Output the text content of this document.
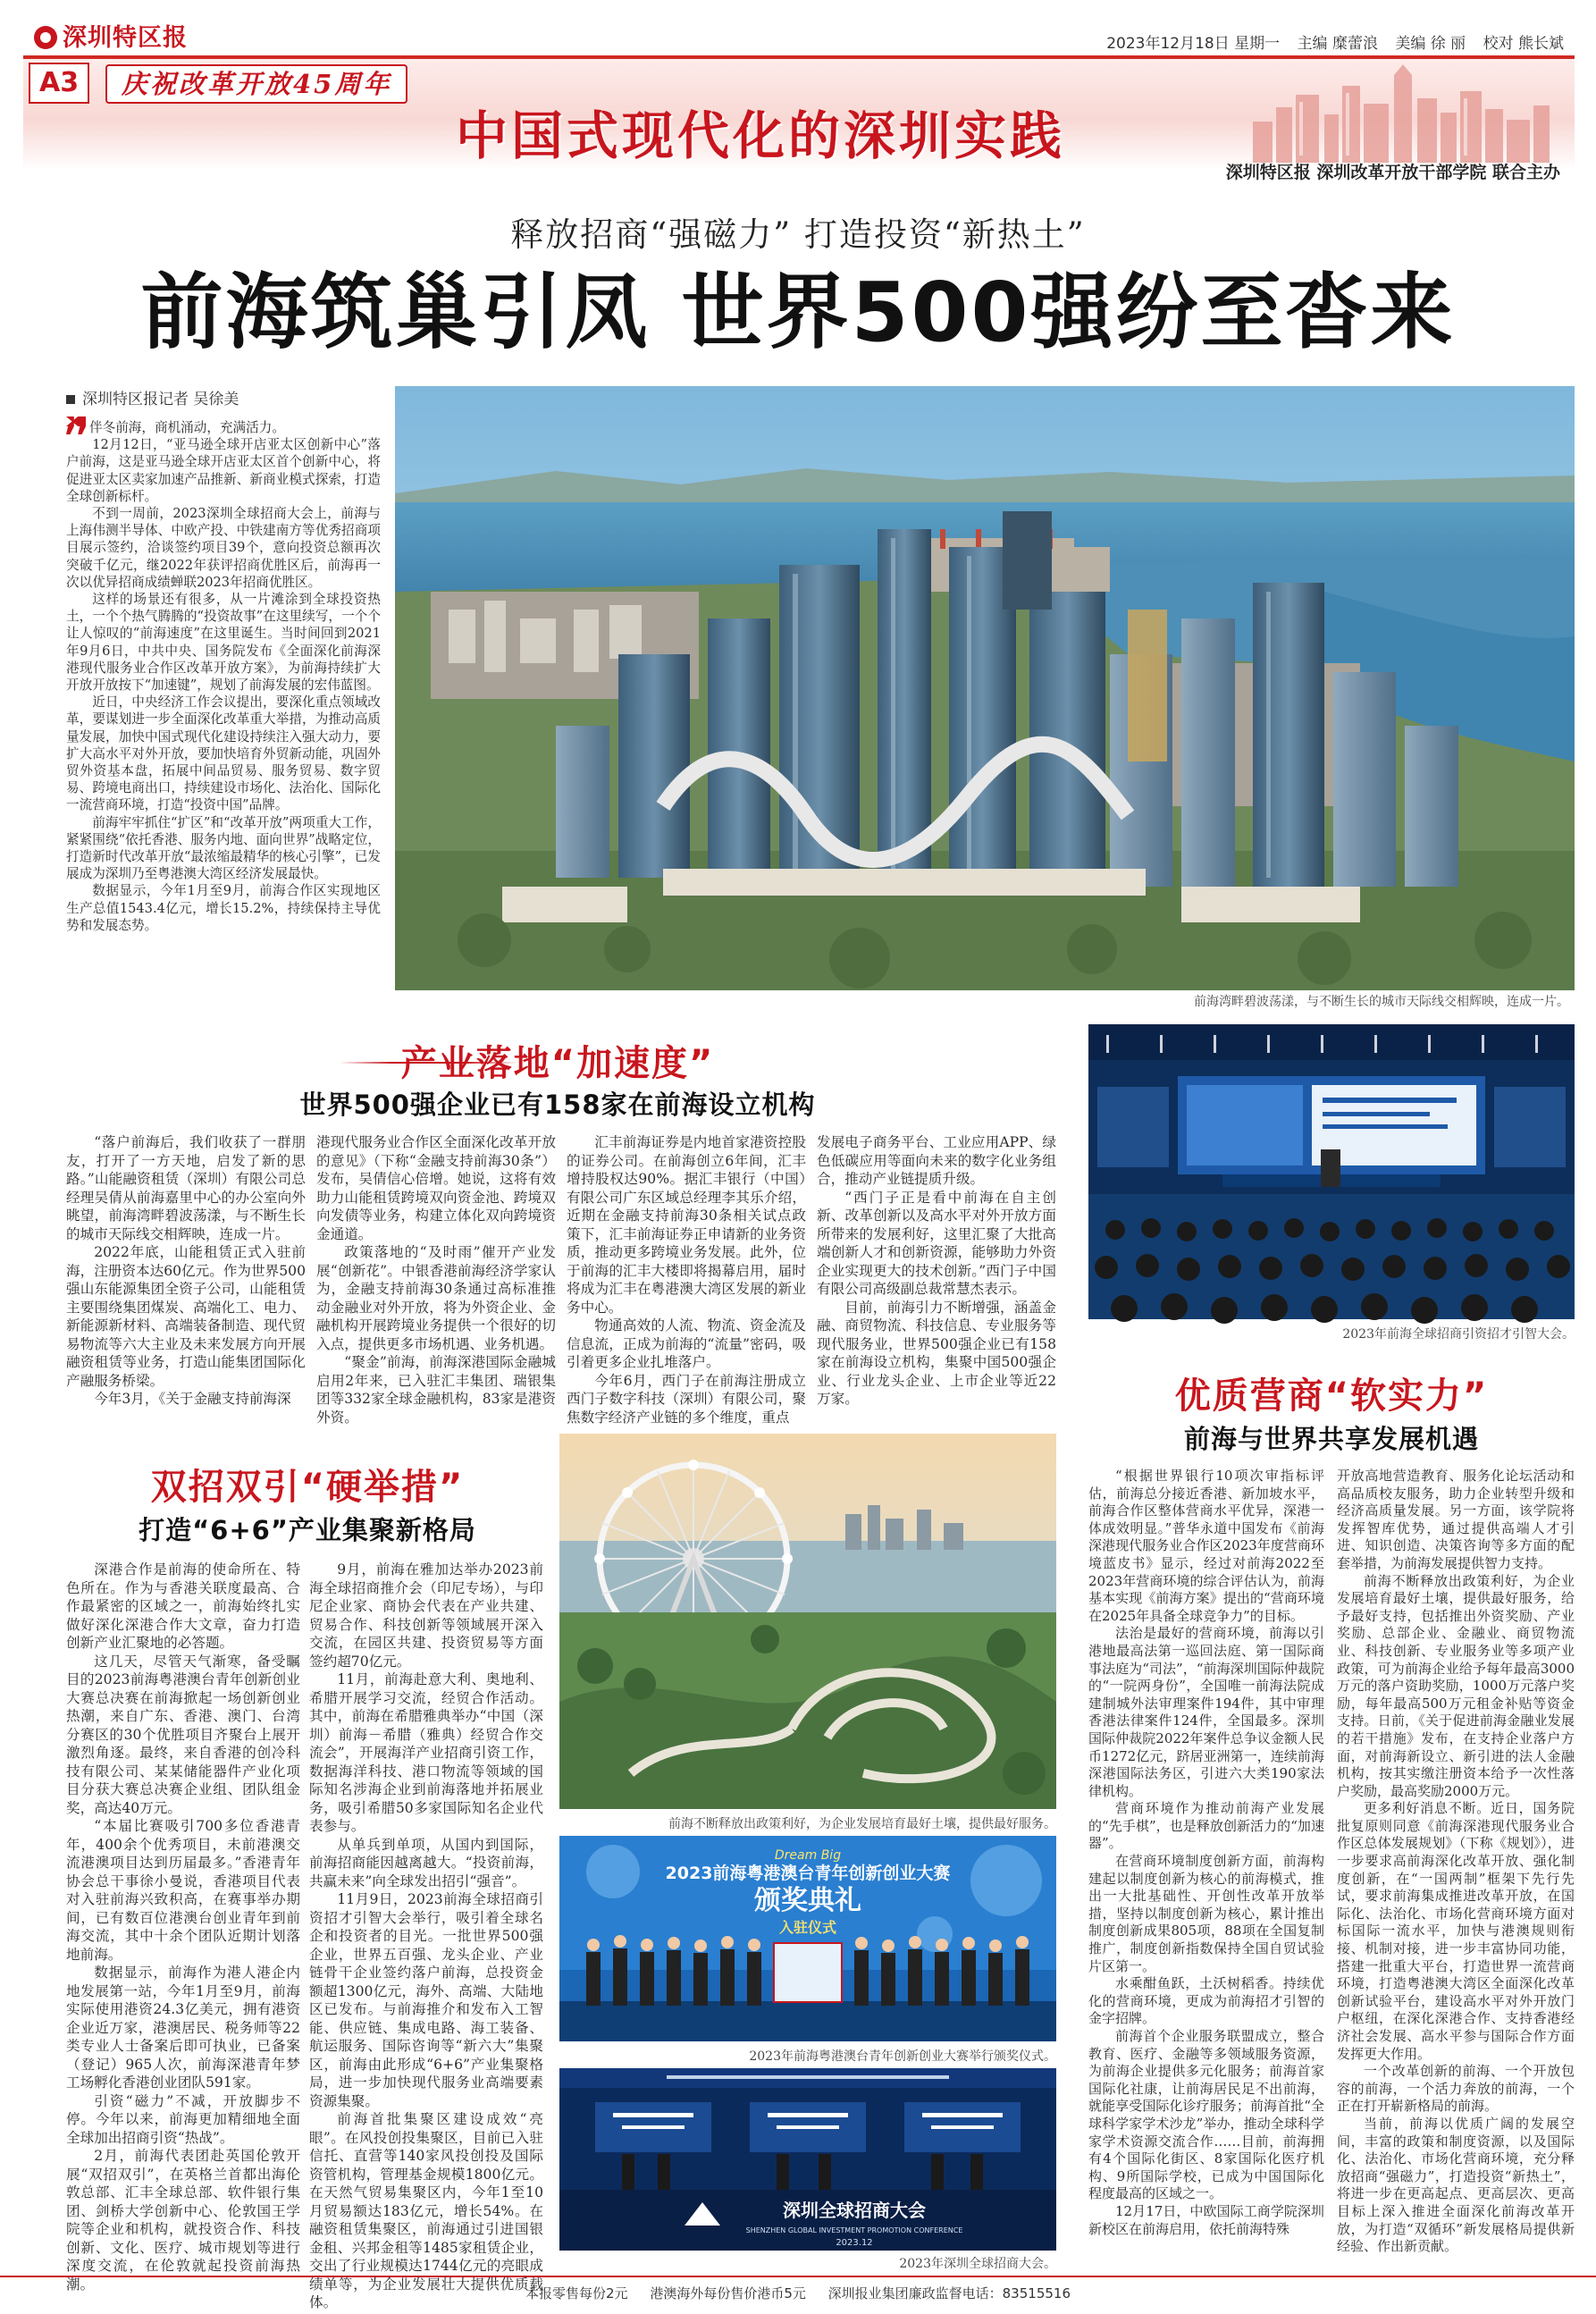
深圳特区报	2023年12月18日 星期一 主编 糜蕾浪 美编 徐 丽 校对 熊长斌
A3	庆祝改革开放45周年
中国式现代化的深圳实践
深圳特区报 深圳改革开放干部学院 联合主办
释放招商“强磁力” 打造投资“新热土”
前海筑巢引凤 世界500强纷至沓来
深圳特区报记者 吴徐美

伴冬前海，商机涌动，充满活力。

12月12日，“亚马逊全球开店亚太区创新中心”落户前海，这是亚马逊全球开店亚太区首个创新中心，将促进亚太区卖家加速产品推新、新商业模式探索，打造全球创新标杆。

不到一周前，2023深圳全球招商大会上，前海与上海伟测半导体、中欧产投、中铁建南方等优秀招商项目展示签约，洽谈签约项目39个，意向投资总额再次突破千亿元，继2022年获评招商优胜区后，前海再一次以优异招商成绩蝉联2023年招商优胜区。

这样的场景还有很多，从一片滩涂到全球投资热土，一个个热气腾腾的“投资故事”在这里续写，一个个让人惊叹的“前海速度”在这里诞生。当时间回到2021年9月6日，中共中央、国务院发布《全面深化前海深港现代服务业合作区改革开放方案》，为前海持续扩大开放开放按下“加速键”，规划了前海发展的宏伟蓝图。

近日，中央经济工作会议提出，要深化重点领域改革，要谋划进一步全面深化改革重大举措，为推动高质量发展，加快中国式现代化建设持续注入强大动力，要扩大高水平对外开放，要加快培育外贸新动能，巩固外贸外资基本盘，拓展中间品贸易、服务贸易、数字贸易、跨境电商出口，持续建设市场化、法治化、国际化一流营商环境，打造“投资中国”品牌。

前海牢牢抓住“扩区”和“改革开放”两项重大工作，紧紧围绕“依托香港、服务内地、面向世界”战略定位，打造新时代改革开放“最浓缩最精华的核心引擎”，已发展成为深圳乃至粤港澳大湾区经济发展最快。

数据显示，今年1月至9月，前海合作区实现地区生产总值1543.4亿元，增长15.2%，持续保持主导优势和发展态势。

前海湾畔碧波荡漾，与不断生长的城市天际线交相辉映，连成一片。
产业落地“加速度”
世界500强企业已有158家在前海设立机构

“落户前海后，我们收获了一群朋友，打开了一方天地，启发了新的思路。”山能融资租赁（深圳）有限公司总经理吴倩从前海嘉里中心的办公室向外眺望，前海湾畔碧波荡漾，与不断生长的城市天际线交相辉映，连成一片。

2022年底，山能租赁正式入驻前海，注册资本达60亿元。作为世界500强山东能源集团全资子公司，山能租赁主要围绕集团煤炭、高端化工、电力、新能源新材料、高端装备制造、现代贸易物流等六大主业及未来发展方向开展融资租赁等业务，打造山能集团国际化产融服务桥梁。

今年3月，《关于金融支持前海深

港现代服务业合作区全面深化改革开放的意见》（下称“金融支持前海30条”）发布，吴倩信心倍增。她说，这将有效助力山能租赁跨境双向资金池、跨境双向发债等业务，构建立体化双向跨境资金通道。

政策落地的“及时雨”催开产业发展“创新花”。中银香港前海经济学家认为，金融支持前海30条通过高标准推动金融业对外开放，将为外资企业、金融机构开展跨境业务提供一个很好的切入点，提供更多市场机遇、业务机遇。

“聚金”前海，前海深港国际金融城启用2年来，已入驻汇丰集团、瑞银集团等332家全球金融机构，83家是港资外资。

汇丰前海证券是内地首家港资控股的证券公司。在前海创立6年间，汇丰增持股权达90%。据汇丰银行（中国）有限公司广东区域总经理李其乐介绍，近期在金融支持前海30条相关试点政策下，汇丰前海证券正申请新的业务资质，推动更多跨境业务发展。此外，位于前海的汇丰大楼即将揭幕启用，届时将成为汇丰在粤港澳大湾区发展的新业务中心。

物通高效的人流、物流、资金流及信息流，正成为前海的“流量”密码，吸引着更多企业扎堆落户。

今年6月，西门子在前海注册成立西门子数字科技（深圳）有限公司，聚焦数字经济产业链的多个维度，重点

发展电子商务平台、工业应用APP、绿色低碳应用等面向未来的数字化业务组合，推动产业链提质升级。

“西门子正是看中前海在自主创新、改革创新以及高水平对外开放方面所带来的发展利好，这里汇聚了大批高端创新人才和创新资源，能够助力外资企业实现更大的技术创新。”西门子中国有限公司高级副总裁常慧杰表示。

目前，前海引力不断增强，涵盖金融、商贸物流、科技信息、专业服务等现代服务业，世界500强企业已有158家在前海设立机构，集聚中国500强企业、行业龙头企业、上市企业等近22万家。

2023年前海全球招商引资招才引智大会。
双招双引“硬举措”
打造“6+6”产业集聚新格局

深港合作是前海的使命所在、特色所在。作为与香港关联度最高、合作最紧密的区域之一，前海始终扎实做好深化深港合作大文章，奋力打造创新产业汇聚地的必答题。

这几天，尽管天气渐寒，备受瞩目的2023前海粤港澳台青年创新创业大赛总决赛在前海掀起一场创新创业热潮，来自广东、香港、澳门、台湾分赛区的30个优胜项目齐聚台上展开激烈角逐。最终，来自香港的创冷科技有限公司、某某储能器件产业化项目分获大赛总决赛企业组、团队组金奖，高达40万元。

“本届比赛吸引700多位香港青年，400余个优秀项目，未前港澳交流港澳项目达到历届最多。”香港青年协会总干事徐小曼说，香港项目代表对入驻前海兴致积高，在赛事举办期间，已有数百位港澳台创业青年到前海交流，其中十余个团队近期计划落地前海。

数据显示，前海作为港人港企内地发展第一站，今年1月至9月，前海实际使用港资24.3亿美元，拥有港资企业近万家，港澳居民、税务师等22类专业人士备案后即可执业，已备案（登记）965人次，前海深港青年梦工场孵化香港创业团队591家。

引资“磁力”不减，开放脚步不停。今年以来，前海更加精细地全面全球加出招商引资“热战”。

2月，前海代表团赴英国伦敦开展“双招双引”，在英格兰首都出海伦敦总部、汇丰全球总部、软件银行集团、剑桥大学创新中心、伦敦国王学院等企业和机构，就投资合作、科技创新、文化、医疗、城市规划等进行深度交流，在伦敦就起投资前海热潮。

9月，前海在雅加达举办2023前海全球招商推介会（印尼专场），与印尼企业家、商协会代表在产业共建、贸易合作、科技创新等领域展开深入交流，在园区共建、投资贸易等方面签约超70亿元。

11月，前海赴意大利、奥地利、希腊开展学习交流，经贸合作活动。其中，前海在希腊雅典举办“中国（深圳）前海－希腊（雅典）经贸合作交流会”，开展海洋产业招商引资工作，数据海洋科技、港口物流等领域的国际知名涉海企业到前海落地并拓展业务，吸引希腊50多家国际知名企业代表参与。

从单兵到单项，从国内到国际，前海招商能因越离越大。“投资前海，共赢未来”向全球发出招引“强音”。

11月9日，2023前海全球招商引资招才引智大会举行，吸引着全球名企和投资者的目光。一批世界500强企业，世界五百强、龙头企业、产业链骨干企业签约落户前海，总投资金额超1300亿元，海外、高端、大陆地区已发布。与前海推介和发布入工智能、供应链、集成电路、海工装备、航运服务、国际咨询等“新六大”集聚区，前海由此形成“6+6”产业集聚格局，进一步加快现代服务业高端要素资源集聚。

前海首批集聚区建设成效“亮眼”。在风投创投集聚区，目前已入驻信托、直营等140家风投创投及国际资管机构，管理基金规模1800亿元。在天然气贸易集聚区内，今年1至10月贸易额达183亿元，增长54%。在融资租赁集聚区，前海通过引进国银金租、兴邦金租等1485家租赁企业，交出了行业规模达1744亿元的亮眼成绩单等，为企业发展壮大提供优质载体。

前海不断释放出政策利好，为企业发展培育最好土壤，提供最好服务。
Dream Big
2023前海粤港澳台青年创新创业大赛
颁奖典礼
入驻仪式
2023年前海粤港澳台青年创新创业大赛举行颁奖仪式。
深圳全球招商大会
SHENZHEN GLOBAL INVESTMENT PROMOTION CONFERENCE
2023.12
2023年深圳全球招商大会。
优质营商“软实力”
前海与世界共享发展机遇

“根据世界银行10项次审指标评估，前海总分接近香港、新加坡水平，前海合作区整体营商水平优异，深港一体成效明显。”普华永道中国发布《前海深港现代服务业合作区2023年度营商环境蓝皮书》显示，经过对前海2022至2023年营商环境的综合评估认为，前海基本实现《前海方案》提出的“营商环境在2025年具备全球竞争力”的目标。

法治是最好的营商环境，前海以引港地最高法第一巡回法庭、第一国际商事法庭为“司法”，“前海深圳国际仲裁院的“一院两身份”，全国唯一前海法院成建制城外法审理案件194件，其中审理香港法律案件124件，全国最多。深圳国际仲裁院2022年案件总争议金额人民币1272亿元，跻居亚洲第一，连续前海深港国际法务区，引进六大类190家法律机构。

营商环境作为推动前海产业发展的“先手棋”，也是释放创新活力的“加速器”。

在营商环境制度创新方面，前海构建起以制度创新为核心的前海模式，推出一大批基础性、开创性改革开放举措，坚持以制度创新为核心，累计推出制度创新成果805项，88项在全国复制推广，制度创新指数保持全国自贸试验片区第一。

水乘酣鱼跃，土沃树稻香。持续优化的营商环境，更成为前海招才引智的金字招牌。

前海首个企业服务联盟成立，整合教育、医疗、金融等多领域服务资源，为前海企业提供多元化服务；前海首家国际化社康，让前海居民足不出前海，就能享受国际化诊疗服务；前海首批“全球科学家学术沙龙”举办，推动全球科学家学术资源交流合作……目前，前海拥有4个国际化街区、8家国际化医疗机构、9所国际学校，已成为中国国际化程度最高的区域之一。

12月17日，中欧国际工商学院深圳新校区在前海启用，依托前海特殊

开放高地营造教育、服务化论坛活动和高品质校友服务，助力企业转型升级和经济高质量发展。另一方面，该学院将发挥智库优势，通过提供高端人才引进、知识创造、决策咨询等多方面的配套举措，为前海发展提供智力支持。

前海不断释放出政策利好，为企业发展培育最好土壤，提供最好服务，给予最好支持，包括推出外资奖励、产业奖励、总部企业、金融业、商贸物流业、科技创新、专业服务业等多项产业政策，可为前海企业给予每年最高3000万元的落户资助奖励，1000万元落户奖励，每年最高500万元租金补贴等资金支持。日前，《关于促进前海金融业发展的若干措施》发布，在支持企业落户方面，对前海新设立、新引进的法人金融机构，按其实缴注册资本给予一次性落户奖励，最高奖励2000万元。

更多利好消息不断。近日，国务院批复原则同意《前海深港现代服务业合作区总体发展规划》（下称《规划》），进一步要求高前海深化改革开放、强化制度创新，在“一国两制”框架下先行先试，要求前海集成推进改革开放，在国际化、法治化、市场化营商环境方面对标国际一流水平，加快与港澳规则衔接、机制对接，进一步丰富协同功能，搭建一批重大平台，打造世界一流营商环境，打造粤港澳大湾区全面深化改革创新试验平台，建设高水平对外开放门户枢纽，在深化深港合作、支持香港经济社会发展、高水平参与国际合作方面发挥更大作用。

一个改革创新的前海、一个开放包容的前海，一个活力奔放的前海，一个正在打开崭新格局的前海。

当前，前海以优质广阔的发展空间，丰富的政策和制度资源，以及国际化、法治化、市场化营商环境，充分释放招商“强磁力”，打造投资“新热土”，将进一步在更高起点、更高层次、更高目标上深入推进全面深化前海改革开放，为打造“双循环”新发展格局提供新经验、作出新贡献。

本报零售每份2元 港澳海外每份售价港币5元 深圳报业集团廉政监督电话：83515516
